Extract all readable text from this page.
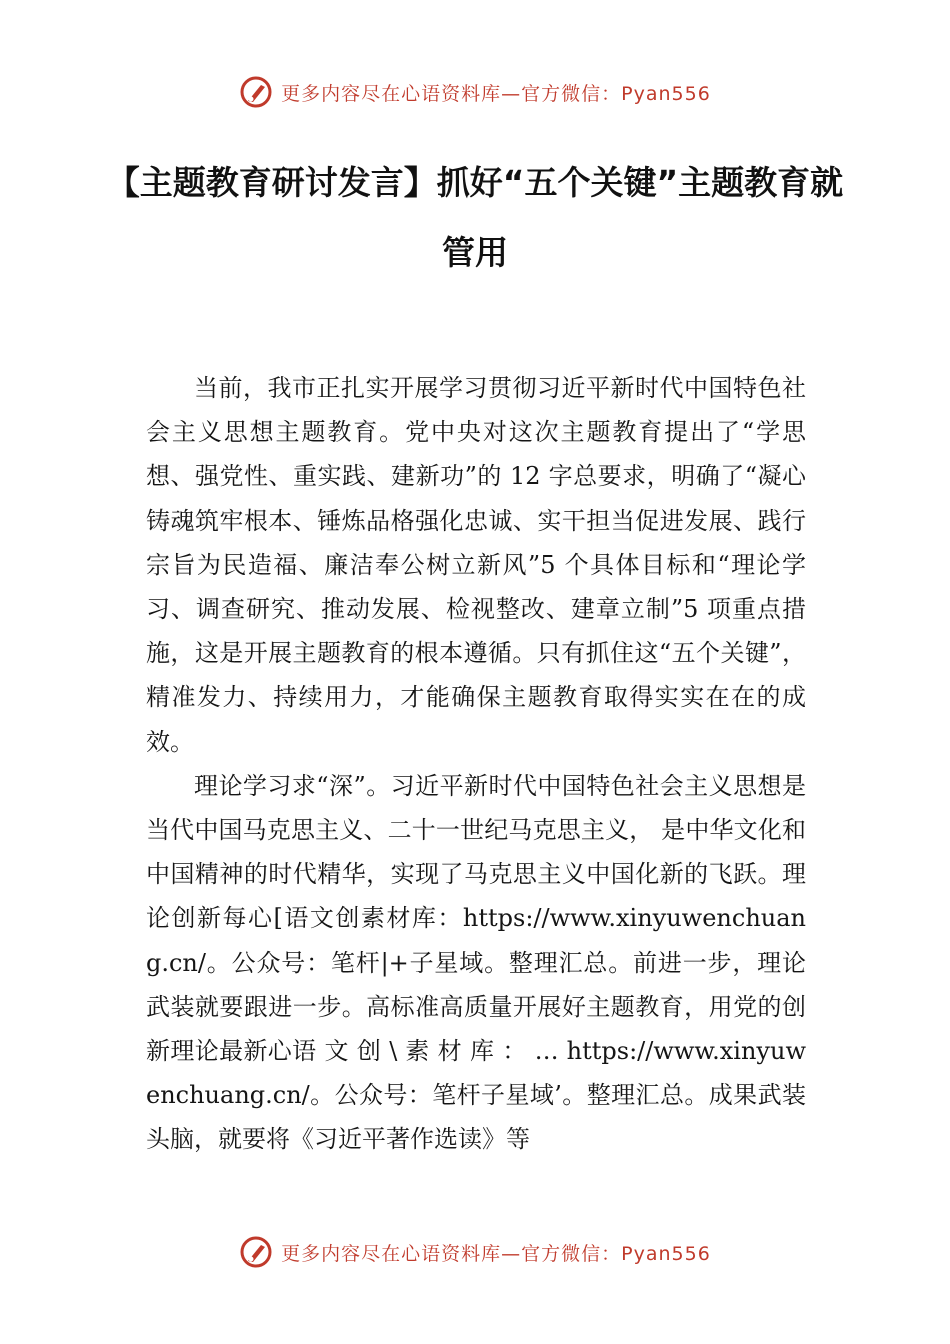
更多内容尽在心语资料库—官方微信：Pyan556
【主题教育研讨发言】抓好“五个关键”主题教育就管用

当前，我市正扎实开展学习贯彻习近平新时代中国特色社会主义思想主题教育。党中央对这次主题教育提出了“学思想、强党性、重实践、建新功”的 12 字总要求，明确了“凝心铸魂筑牢根本、锤炼品格强化忠诚、实干担当促进发展、践行宗旨为民造福、廉洁奉公树立新风”5 个具体目标和“理论学习、调查研究、推动发展、检视整改、建章立制”5 项重点措施，这是开展主题教育的根本遵循。只有抓住这“五个关键”，精准发力、持续用力，才能确保主题教育取得实实在在的成效。

理论学习求“深”。习近平新时代中国特色社会主义思想是当代中国马克思主义、二十一世纪马克思主义， 是中华文化和中国精神的时代精华，实现了马克思主义中国化新的飞跃。理论创新每心[语文创素材库：https://www.xinyuwenchuang.cn/。公众号：笔杆|+子星域。整理汇总。前进一步，理论武装就要跟进一步。高标准高质量开展好主题教育，用党的创新理论最新心语 文 创 \ 素 材 库 ： … https://www.xinyuwenchuang.cn/。公众号：笔杆子星域’。整理汇总。成果武装头脑，就要将《习近平著作选读》等

更多内容尽在心语资料库—官方微信：Pyan556
